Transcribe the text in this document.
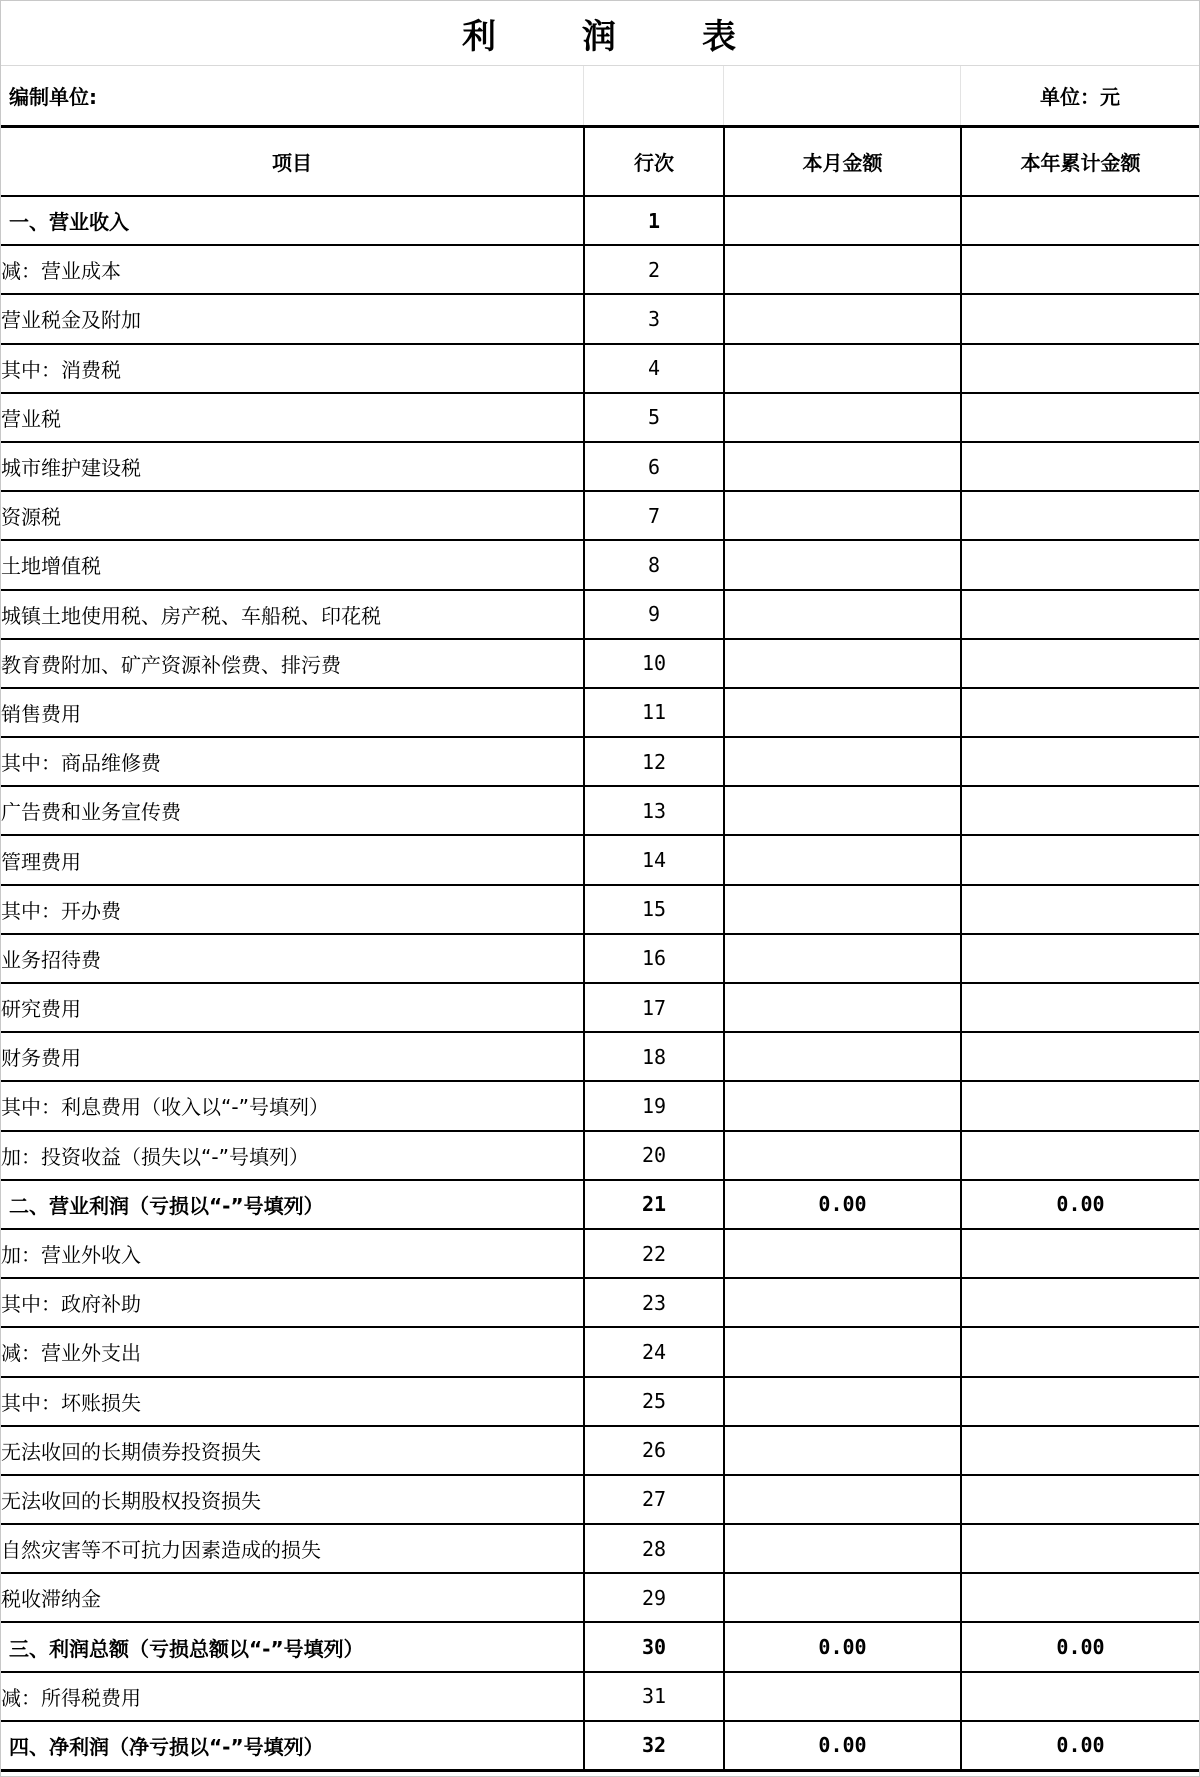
利 润 表
编制单位:	单位：元
项目	行次	本月金额	本年累计金额
一、营业收入	1		
减：营业成本	2		
营业税金及附加	3		
其中：消费税	4		
营业税	5		
城市维护建设税	6		
资源税	7		
土地增值税	8		
城镇土地使用税、房产税、车船税、印花税	9		
教育费附加、矿产资源补偿费、排污费	10		
销售费用	11		
其中：商品维修费	12		
广告费和业务宣传费	13		
管理费用	14		
其中：开办费	15		
业务招待费	16		
研究费用	17		
财务费用	18		
其中：利息费用（收入以“-”号填列）	19		
加：投资收益（损失以“-”号填列）	20		
二、营业利润（亏损以“-”号填列）	21	0.00	0.00
加：营业外收入	22		
其中：政府补助	23		
减：营业外支出	24		
其中：坏账损失	25		
无法收回的长期债券投资损失	26		
无法收回的长期股权投资损失	27		
自然灾害等不可抗力因素造成的损失	28		
税收滞纳金	29		
三、利润总额（亏损总额以“-”号填列）	30	0.00	0.00
减：所得税费用	31		
四、净利润（净亏损以“-”号填列）	32	0.00	0.00
